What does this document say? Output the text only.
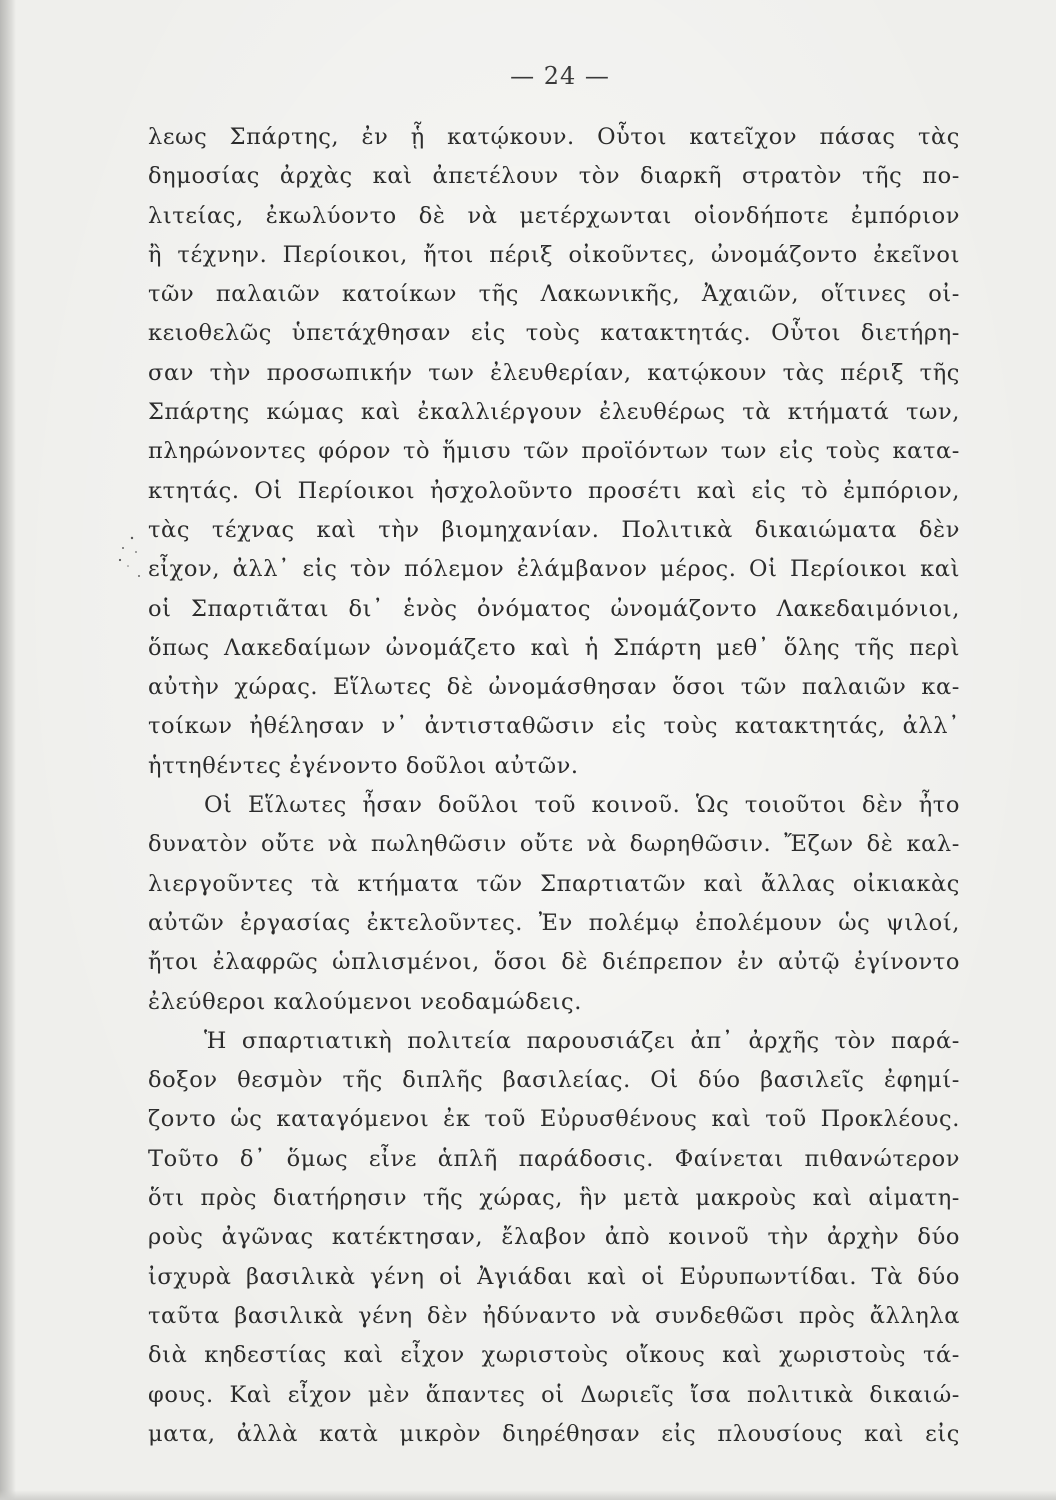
— 24 —
λεως Σπάρτης, ἐν ᾗ κατῴκουν. Οὗτοι κατεῖχον πάσας τὰς
δημοσίας ἀρχὰς καὶ ἀπετέλουν τὸν διαρκῆ στρατὸν τῆς πο-
λιτείας, ἐκωλύοντο δὲ νὰ μετέρχωνται οἱονδήποτε ἐμπόριον
ἢ τέχνην. Περίοικοι, ἤτοι πέριξ οἰκοῦντες, ὠνομάζοντο ἐκεῖνοι
τῶν παλαιῶν κατοίκων τῆς Λακωνικῆς, Ἀχαιῶν, οἵτινες οἰ-
κειοθελῶς ὑπετάχθησαν εἰς τοὺς κατακτητάς. Οὗτοι διετήρη-
σαν τὴν προσωπικήν των ἐλευθερίαν, κατῴκουν τὰς πέριξ τῆς
Σπάρτης κώμας καὶ ἐκαλλιέργουν ἐλευθέρως τὰ κτήματά των,
πληρώνοντες φόρον τὸ ἥμισυ τῶν προϊόντων των εἰς τοὺς κατα-
κτητάς. Οἱ Περίοικοι ἠσχολοῦντο προσέτι καὶ εἰς τὸ ἐμπόριον,
τὰς τέχνας καὶ τὴν βιομηχανίαν. Πολιτικὰ δικαιώματα δὲν
εἶχον, ἀλλ᾽ εἰς τὸν πόλεμον ἐλάμβανον μέρος. Οἱ Περίοικοι καὶ
οἱ Σπαρτιᾶται δι᾽ ἑνὸς ὀνόματος ὠνομάζοντο Λακεδαιμόνιοι,
ὅπως Λακεδαίμων ὠνομάζετο καὶ ἡ Σπάρτη μεθ᾽ ὅλης τῆς περὶ
αὐτὴν χώρας. Εἵλωτες δὲ ὠνομάσθησαν ὅσοι τῶν παλαιῶν κα-
τοίκων ἠθέλησαν ν᾽ ἀντισταθῶσιν εἰς τοὺς κατακτητάς, ἀλλ᾽
ἡττηθέντες ἐγένοντο δοῦλοι αὐτῶν.
Οἱ Εἵλωτες ἦσαν δοῦλοι τοῦ κοινοῦ. Ὡς τοιοῦτοι δὲν ἦτο
δυνατὸν οὔτε νὰ πωληθῶσιν οὔτε νὰ δωρηθῶσιν. Ἔζων δὲ καλ-
λιεργοῦντες τὰ κτήματα τῶν Σπαρτιατῶν καὶ ἄλλας οἰκιακὰς
αὐτῶν ἐργασίας ἐκτελοῦντες. Ἐν πολέμῳ ἐπολέμουν ὡς ψιλοί,
ἤτοι ἐλαφρῶς ὡπλισμένοι, ὅσοι δὲ διέπρεπον ἐν αὐτῷ ἐγίνοντο
ἐλεύθεροι καλούμενοι νεοδαμώδεις.
Ἡ σπαρτιατικὴ πολιτεία παρουσιάζει ἀπ᾽ ἀρχῆς τὸν παρά-
δοξον θεσμὸν τῆς διπλῆς βασιλείας. Οἱ δύο βασιλεῖς ἐφημί-
ζοντο ὡς καταγόμενοι ἐκ τοῦ Εὐρυσθένους καὶ τοῦ Προκλέους.
Τοῦτο δ᾽ ὅμως εἶνε ἁπλῆ παράδοσις. Φαίνεται πιθανώτερον
ὅτι πρὸς διατήρησιν τῆς χώρας, ἣν μετὰ μακροὺς καὶ αἱματη-
ροὺς ἀγῶνας κατέκτησαν, ἔλαβον ἀπὸ κοινοῦ τὴν ἀρχὴν δύο
ἰσχυρὰ βασιλικὰ γένη οἱ Ἀγιάδαι καὶ οἱ Εὐρυπωντίδαι. Τὰ δύο
ταῦτα βασιλικὰ γένη δὲν ἠδύναντο νὰ συνδεθῶσι πρὸς ἄλληλα
διὰ κηδεστίας καὶ εἶχον χωριστοὺς οἴκους καὶ χωριστοὺς τά-
φους. Καὶ εἶχον μὲν ἅπαντες οἱ Δωριεῖς ἴσα πολιτικὰ δικαιώ-
ματα, ἀλλὰ κατὰ μικρὸν διηρέθησαν εἰς πλουσίους καὶ εἰς
